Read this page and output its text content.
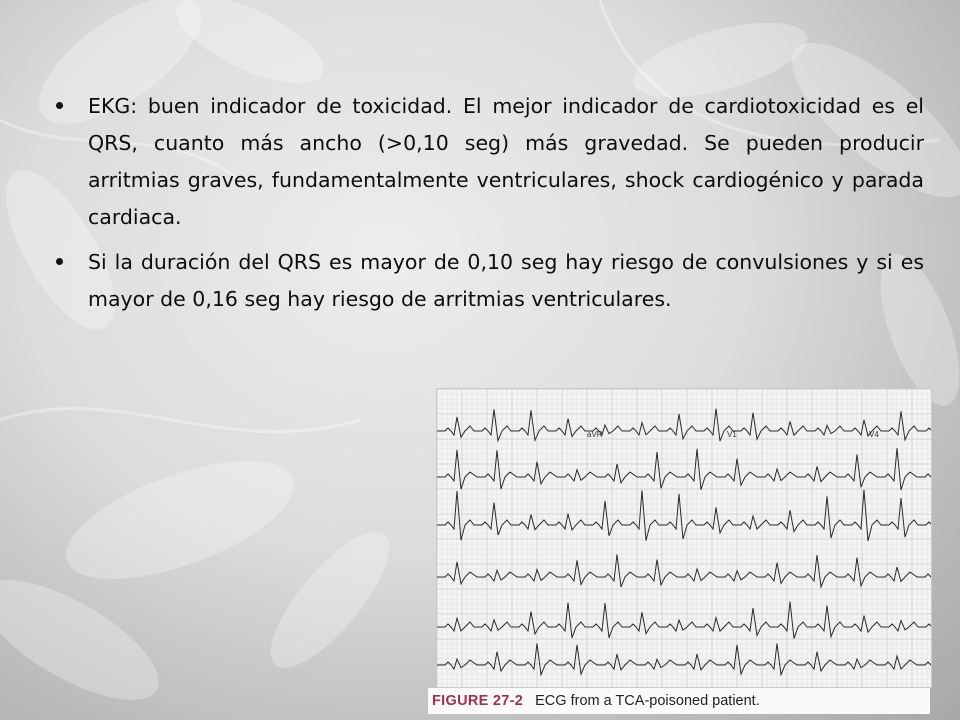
EKG: buen indicador de toxicidad. El mejor indicador de cardiotoxicidad es el QRS, cuanto más ancho (>0,10 seg) más gravedad. Se pueden producir arritmias graves, fundamentalmente ventriculares, shock cardiogénico y parada cardiaca.
Si la duración del QRS es mayor de 0,10 seg hay riesgo de convulsiones y si es mayor de 0,16 seg hay riesgo de arritmias ventriculares.
aVR	V1	V4
FIGURE 27-2 ECG from a TCA-poisoned patient.
